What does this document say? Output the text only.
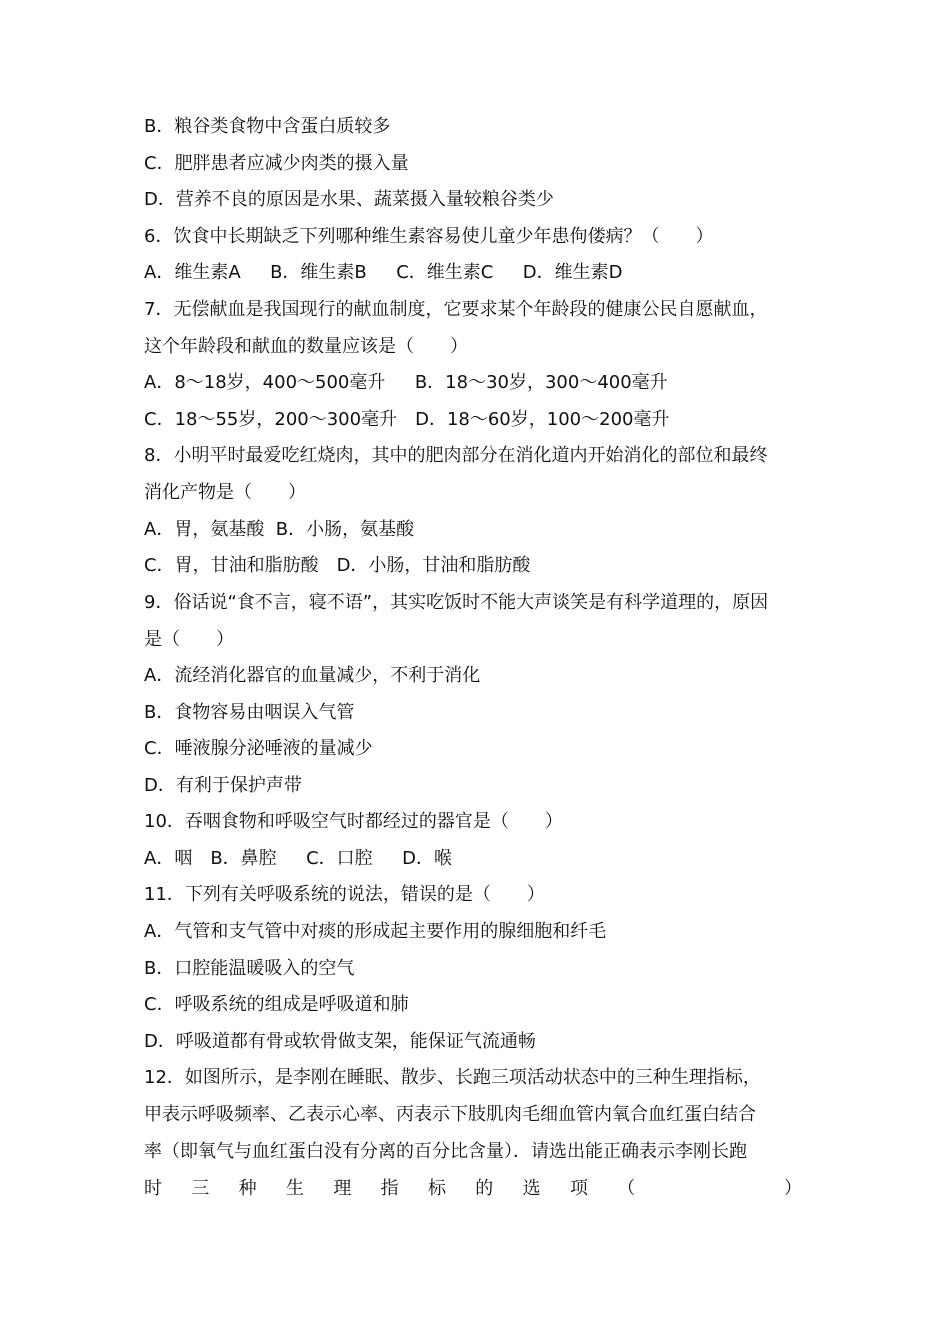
B．粮谷类食物中含蛋白质较多
C．肥胖患者应减少肉类的摄入量
D．营养不良的原因是水果、蔬菜摄入量较粮谷类少
6．饮食中长期缺乏下列哪种维生素容易使儿童少年患佝偻病？（　　）
A．维生素A　  B．维生素B　  C．维生素C　  D．维生素D
7．无偿献血是我国现行的献血制度，它要求某个年龄段的健康公民自愿献血，
这个年龄段和献血的数量应该是（　　）
A．8～18岁，400～500毫升　  B．18～30岁，300～400毫升
C．18～55岁，200～300毫升　D．18～60岁，100～200毫升
8．小明平时最爱吃红烧肉，其中的肥肉部分在消化道内开始消化的部位和最终
消化产物是（　　）
A．胃，氨基酸  B．小肠，氨基酸
C．胃，甘油和脂肪酸　D．小肠，甘油和脂肪酸
9．俗话说“食不言，寝不语”，其实吃饭时不能大声谈笑是有科学道理的，原因
是（　　）
A．流经消化器官的血量减少，不利于消化
B．食物容易由咽误入气管
C．唾液腺分泌唾液的量减少
D．有利于保护声带
10．吞咽食物和呼吸空气时都经过的器官是（　　）
A．咽　B．鼻腔　  C．口腔　  D．喉
11．下列有关呼吸系统的说法，错误的是（　　）
A．气管和支气管中对痰的形成起主要作用的腺细胞和纤毛
B．口腔能温暖吸入的空气
C．呼吸系统的组成是呼吸道和肺
D．呼吸道都有骨或软骨做支架，能保证气流通畅
12．如图所示，是李刚在睡眠、散步、长跑三项活动状态中的三种生理指标，
甲表示呼吸频率、乙表示心率、丙表示下肢肌肉毛细血管内氧合血红蛋白结合
率（即氧气与血红蛋白没有分离的百分比含量）．请选出能正确表示李刚长跑
时 三 种 生 理 指 标 的 选 项 （	）
